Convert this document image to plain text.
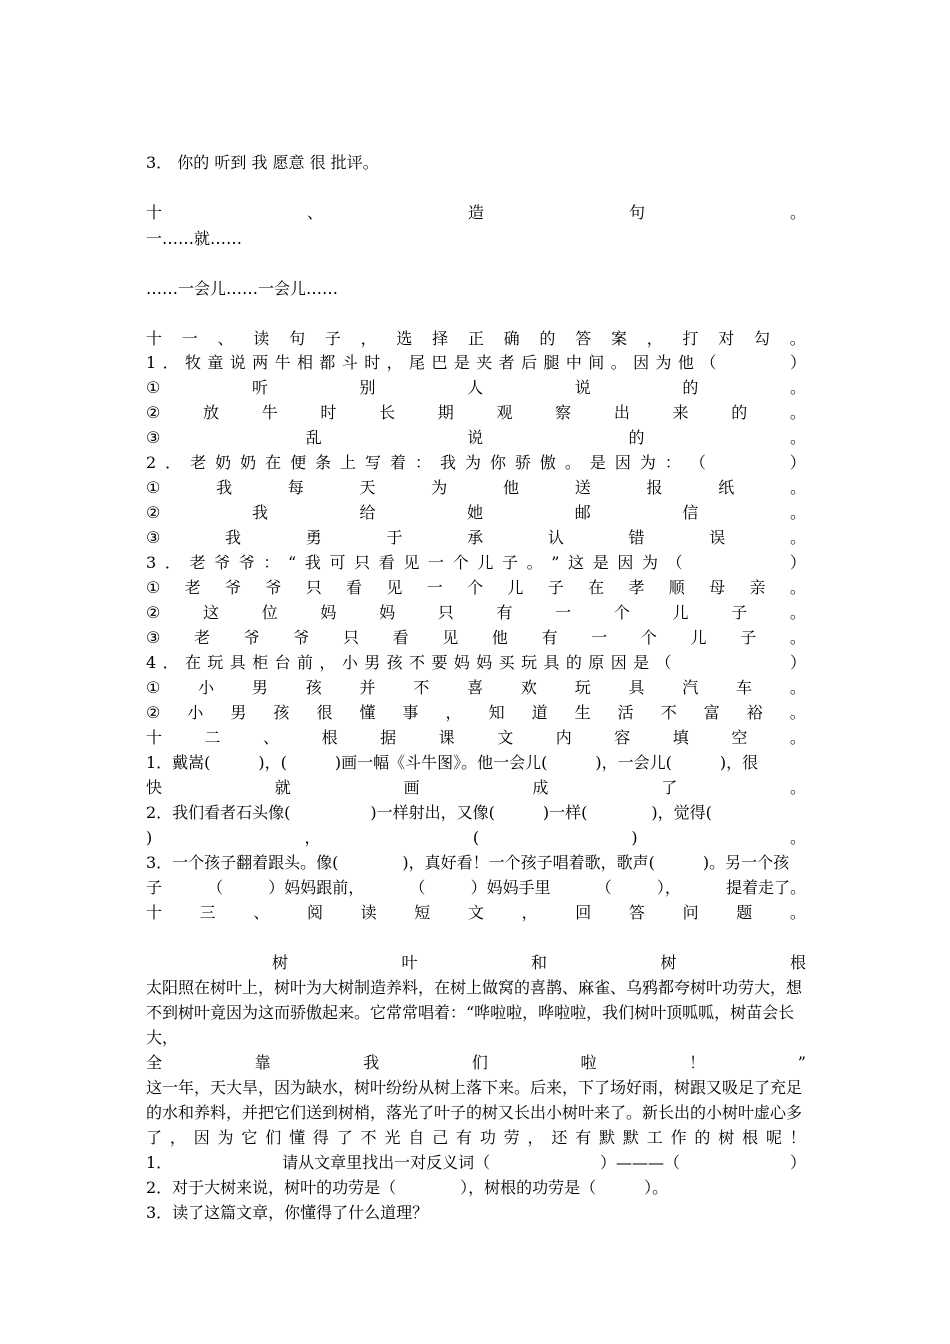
3． 你的 听到 我 愿意 很 批评。
十	、	造	句	。
一……就……
……一会儿……一会儿……
十 一 、 读 句 子 ， 选 择 正 确 的 答 案 ， 打 对 勾 。
1 ． 牧 童 说 两 牛 相 都 斗 时 ， 尾 巴 是 夹 者 后 腿 中 间 。 因 为 他 （

　	）
①	听	别	人	说	的	。
②	放	牛	时	长	期	观	察	出	来	的	。
③	乱	说	的	。
2 ． 老 奶 奶 在 便 条 上 写 着 ： 我 为 你 骄 傲 。 是 因 为 ： （

　	）
①	我	每	天	为	他	送	报	纸	。
②	我	给	她	邮	信	。
③	我	勇	于	承	认	错	误	。
3 ． 老 爷 爷 ： “ 我 可 只 看 见 一 个 儿 子 。 ” 这 是 因 为 （

　	）
① 老 爷 爷 只 看 见 一 个 儿 子 在 孝 顺 母 亲 。
②	这	位	妈	妈	只	有	一	个	儿	子	。
③ 老 爷 爷 只 看 见 他 有 一 个 儿 子 。
4 ． 在 玩 具 柜 台 前 ， 小 男 孩 不 要 妈 妈 买 玩 具 的 原 因 是 （

　	）
① 小 男 孩 并 不 喜 欢 玩 具 汽 车 。
② 小 男 孩 很 懂 事 ， 知 道 生 活 不 富 裕 。
十	二	、	根	据	课	文	内	容	填	空	。
1．戴嵩(　　　)，(　　　)画一幅《斗牛图》。他一会儿(　　　)，一会儿(　　　)，很
快	就	画	成	了	。
2．我们看者石头像(　　　　　)一样射出，又像(　　　)一样(　　　　)，觉得(
)	，	(	)	。
3．一个孩子翻着跟头。像(　　　　)，真好看！一个孩子唱着歌，歌声(　　　)。另一个孩
子	（	）妈妈跟前，	（	）妈妈手里	（	），	提着走了。
十 三 、 阅 读 短 文 ， 回 答 问 题 。
树	叶	和	树	根
太阳照在树叶上，树叶为大树制造养料，在树上做窝的喜鹊、麻雀、乌鸦都夸树叶功劳大，想不到树叶竟因为这而骄傲起来。它常常唱着：“哗啦啦，哗啦啦，我们树叶顶呱呱，树苗会长大，
全	靠	我	们	啦	！	”
这一年，天大旱，因为缺水，树叶纷纷从树上落下来。后来，下了场好雨，树跟又吸足了充足的水和养料，并把它们送到树梢，落光了叶子的树又长出小树叶来了。新长出的小树叶虚心多
了 ， 因 为 它 们 懂 得 了 不 光 自 己 有 功 劳 ， 还 有 默 默 工 作 的 树 根 呢 ！
1．	请从文章里找出一对反义词（	）———（	）
2．对于大树来说，树叶的功劳是（　　　　），树根的功劳是（　　　）。
3．读了这篇文章，你懂得了什么道理？
